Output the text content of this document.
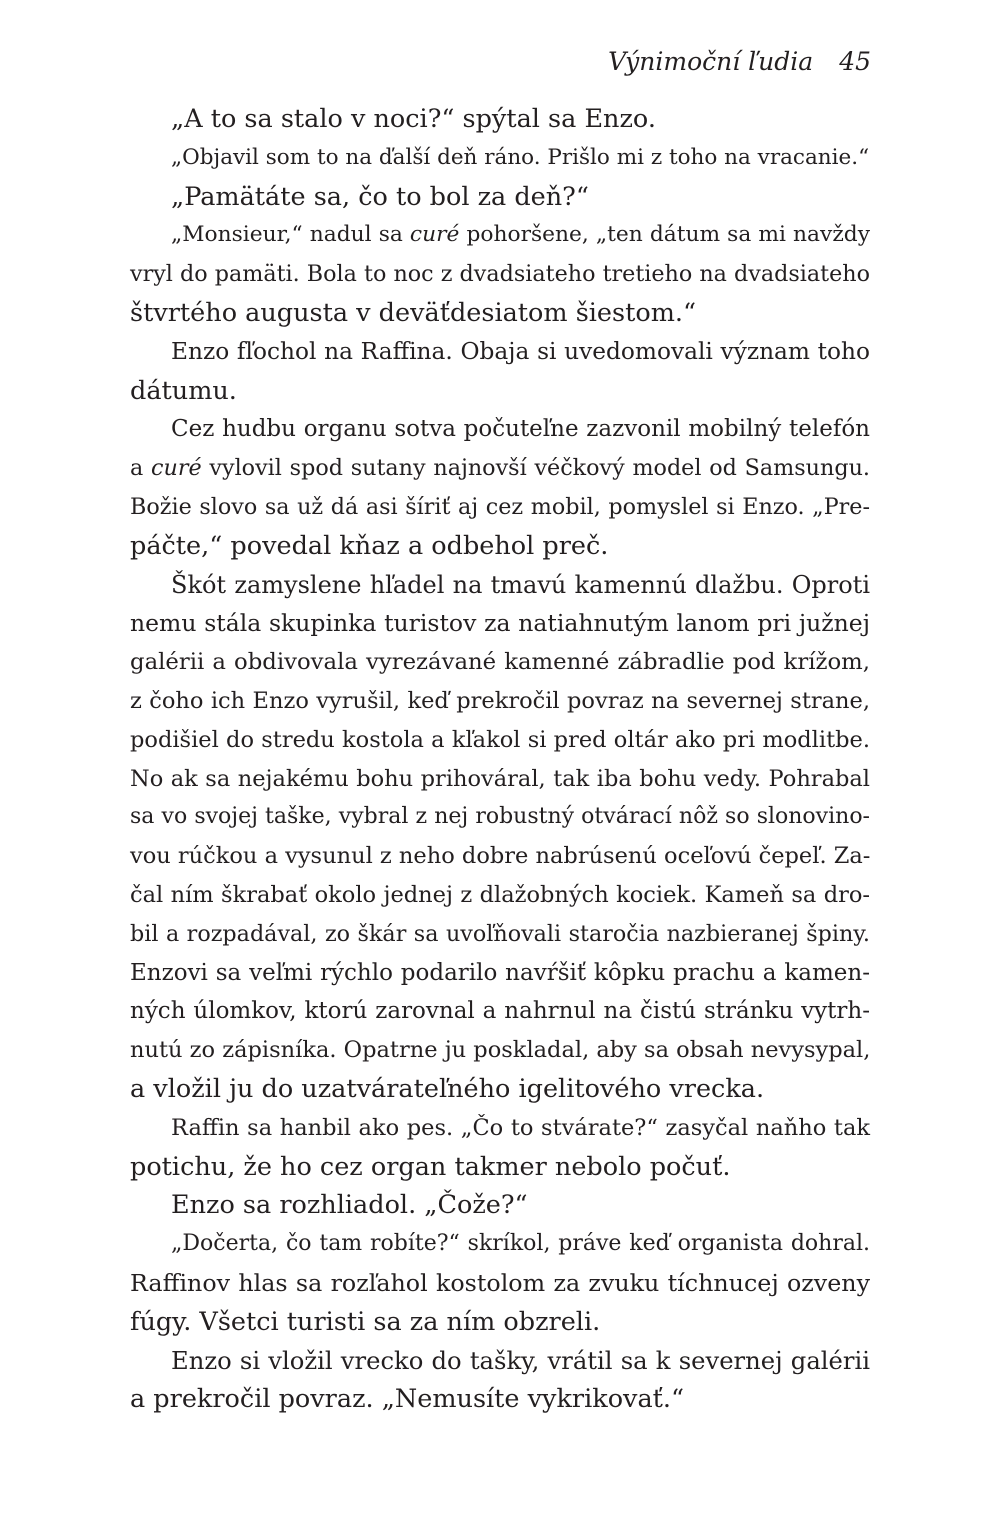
Výnimoční ľudia 45
„A to sa stalo v noci?“ spýtal sa Enzo.
„Objavil som to na ďalší deň ráno. Prišlo mi z toho na vracanie.“
„Pamätáte sa, čo to bol za deň?“
„Monsieur,“ nadul sa curé pohoršene, „ten dátum sa mi navždy
vryl do pamäti. Bola to noc z dvadsiateho tretieho na dvadsiateho
štvrtého augusta v deväťdesiatom šiestom.“
Enzo fľochol na Raffina. Obaja si uvedomovali význam toho
dátumu.
Cez hudbu organu sotva počuteľne zazvonil mobilný telefón
a curé vylovil spod sutany najnovší véčkový model od Samsungu.
Božie slovo sa už dá asi šíriť aj cez mobil, pomyslel si Enzo. „Pre-
páčte,“ povedal kňaz a odbehol preč.
Škót zamyslene hľadel na tmavú kamennú dlažbu. Oproti
nemu stála skupinka turistov za natiahnutým lanom pri južnej
galérii a obdivovala vyrezávané kamenné zábradlie pod krížom,
z čoho ich Enzo vyrušil, keď prekročil povraz na severnej strane,
podišiel do stredu kostola a kľakol si pred oltár ako pri modlitbe.
No ak sa nejakému bohu prihováral, tak iba bohu vedy. Pohrabal
sa vo svojej taške, vybral z nej robustný otvárací nôž so slonovino-
vou rúčkou a vysunul z neho dobre nabrúsenú oceľovú čepeľ. Za-
čal ním škrabať okolo jednej z dlažobných kociek. Kameň sa dro-
bil a rozpadával, zo škár sa uvoľňovali staročia nazbieranej špiny.
Enzovi sa veľmi rýchlo podarilo navŕšiť kôpku prachu a kamen-
ných úlomkov, ktorú zarovnal a nahrnul na čistú stránku vytrh-
nutú zo zápisníka. Opatrne ju poskladal, aby sa obsah nevysypal,
a vložil ju do uzatvárateľného igelitového vrecka.
Raffin sa hanbil ako pes. „Čo to stvárate?“ zasyčal naňho tak
potichu, že ho cez organ takmer nebolo počuť.
Enzo sa rozhliadol. „Čože?“
„Dočerta, čo tam robíte?“ skríkol, práve keď organista dohral.
Raffinov hlas sa rozľahol kostolom za zvuku tíchnucej ozveny
fúgy. Všetci turisti sa za ním obzreli.
Enzo si vložil vrecko do tašky, vrátil sa k severnej galérii
a prekročil povraz. „Nemusíte vykrikovať.“
